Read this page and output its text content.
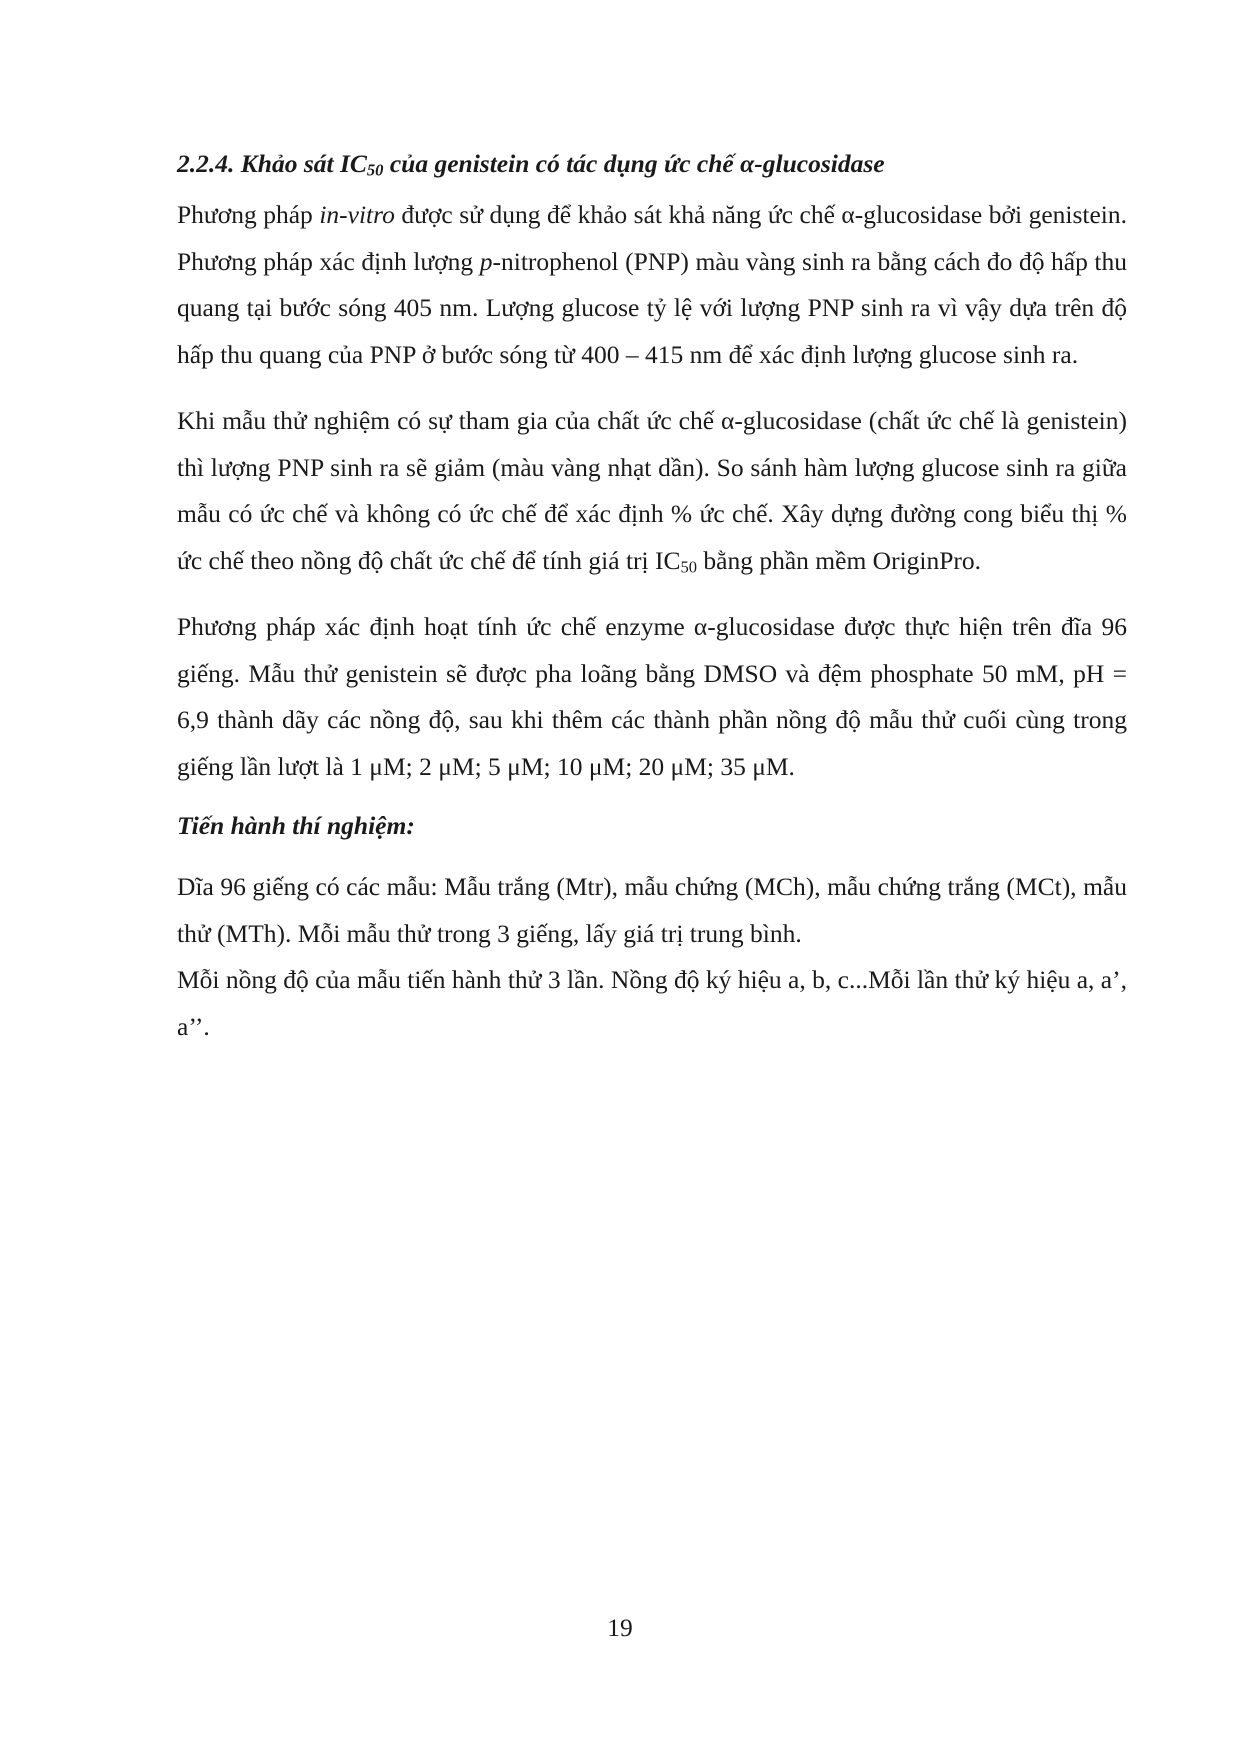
2.2.4. Khảo sát $IC_{50}$ của genistein có tác dụng ức chế α-glucosidase

Phương pháp in-vitro được sử dụng để khảo sát khả năng ức chế α-glucosidase bởi genistein. Phương pháp xác định lượng p-nitrophenol (PNP) màu vàng sinh ra bằng cách đo độ hấp thu quang tại bước sóng 405 nm. Lượng glucose tỷ lệ với lượng PNP sinh ra vì vậy dựa trên độ hấp thu quang của PNP ở bước sóng từ 400 – 415 nm để xác định lượng glucose sinh ra.

Khi mẫu thử nghiệm có sự tham gia của chất ức chế α-glucosidase (chất ức chế là genistein) thì lượng PNP sinh ra sẽ giảm (màu vàng nhạt dần). So sánh hàm lượng glucose sinh ra giữa mẫu có ức chế và không có ức chế để xác định % ức chế. Xây dựng đường cong biểu thị % ức chế theo nồng độ chất ức chế để tính giá trị $IC_{50}$ bằng phần mềm OriginPro.

Phương pháp xác định hoạt tính ức chế enzyme α-glucosidase được thực hiện trên đĩa 96 giếng. Mẫu thử genistein sẽ được pha loãng bằng DMSO và đệm phosphate 50 mM, pH = 6,9 thành dãy các nồng độ, sau khi thêm các thành phần nồng độ mẫu thử cuối cùng trong giếng lần lượt là 1 μM; 2 μM; 5 μM; 10 μM; 20 μM; 35 μM.

Tiến hành thí nghiệm:

Dĩa 96 giếng có các mẫu: Mẫu trắng (Mtr), mẫu chứng (MCh), mẫu chứng trắng (MCt), mẫu thử (MTh). Mỗi mẫu thử trong 3 giếng, lấy giá trị trung bình.

Mỗi nồng độ của mẫu tiến hành thử 3 lần. Nồng độ ký hiệu a, b, c...Mỗi lần thử ký hiệu a, a’, a’’.

19
